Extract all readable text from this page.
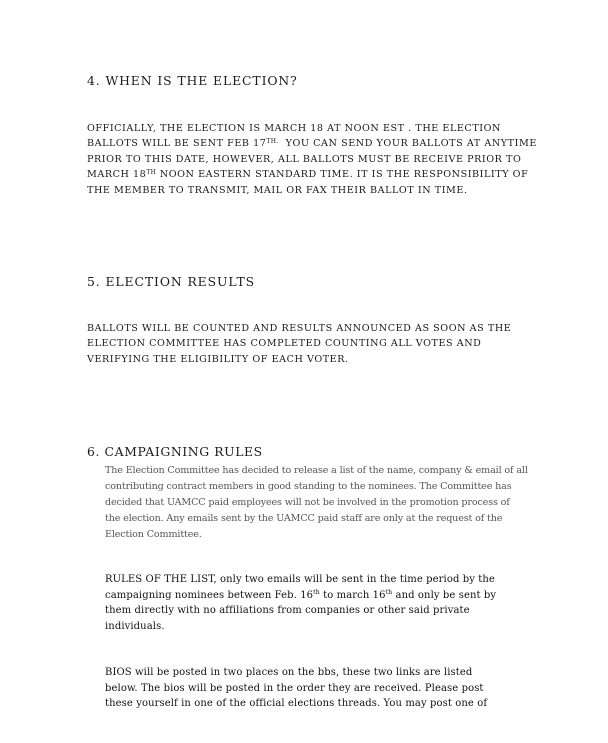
4. WHEN IS THE ELECTION?
OFFICIALLY, THE ELECTION IS MARCH 18 AT NOON EST . THE ELECTION
BALLOTS WILL BE SENT FEB $17^{TH.}$  YOU CAN SEND YOUR BALLOTS AT ANYTIME
PRIOR TO THIS DATE, HOWEVER, ALL BALLOTS MUST BE RECEIVE PRIOR TO
MARCH 18TH NOON EASTERN STANDARD TIME. IT IS THE RESPONSIBILITY OF
THE MEMBER TO TRANSMIT, MAIL OR FAX THEIR BALLOT IN TIME.
5. ELECTION RESULTS
BALLOTS WILL BE COUNTED AND RESULTS ANNOUNCED AS SOON AS THE
ELECTION COMMITTEE HAS COMPLETED COUNTING ALL VOTES AND
VERIFYING THE ELIGIBILITY OF EACH VOTER.
6. CAMPAIGNING RULES
The Election Committee has decided to release a list of the name, company & email of all
contributing contract members in good standing to the nominees. The Committee has
decided that UAMCC paid employees will not be involved in the promotion process of
the election. Any emails sent by the UAMCC paid staff are only at the request of the
Election Committee.
RULES OF THE LIST, only two emails will be sent in the time period by the
campaigning nominees between Feb. 16th to march 16th and only be sent by
them directly with no affiliations from companies or other said private
individuals.
BIOS will be posted in two places on the bbs, these two links are listed
below. The bios will be posted in the order they are received. Please post
these yourself in one of the official elections threads. You may post one of
